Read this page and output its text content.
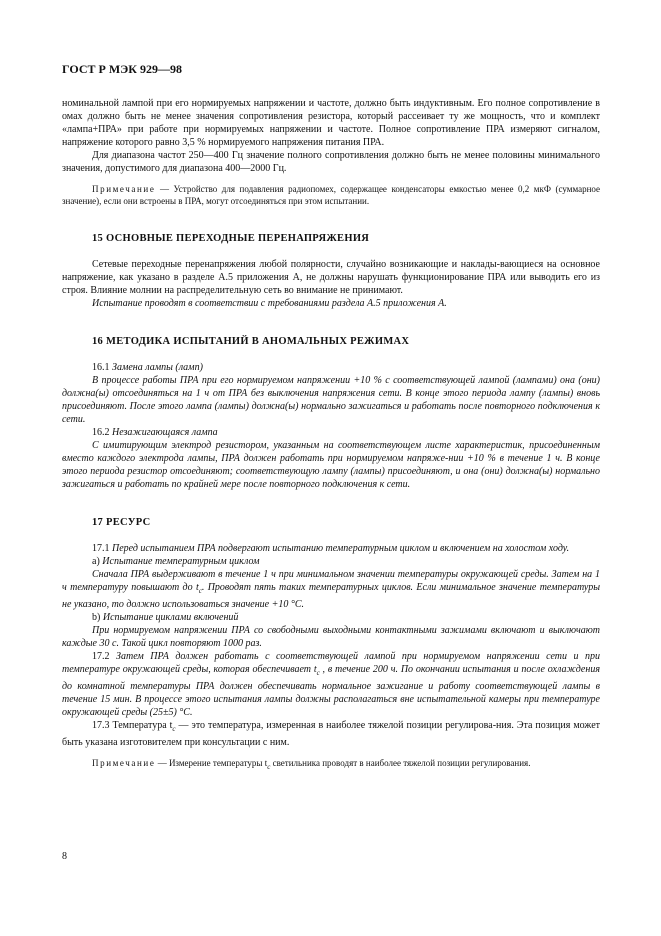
ГОСТ Р МЭК 929—98

номинальной лампой при его нормируемых напряжении и частоте, должно быть индуктивным. Его полное сопротивление в омах должно быть не менее значения сопротивления резистора, который рассеивает ту же мощность, что и комплект «лампа+ПРА» при работе при нормируемых напряжении и частоте. Полное сопротивление ПРА измеряют сигналом, напряжение которого равно 3,5 % нормируемого напряжения питания ПРА.

Для диапазона частот 250—400 Гц значение полного сопротивления должно быть не менее половины минимального значения, допустимого для диапазона 400—2000 Гц.

Примечание — Устройство для подавления радиопомех, содержащее конденсаторы емкостью менее 0,2 мкФ (суммарное значение), если они встроены в ПРА, могут отсоединяться при этом испытании.

15 ОСНОВНЫЕ ПЕРЕХОДНЫЕ ПЕРЕНАПРЯЖЕНИЯ

Сетевые переходные перенапряжения любой полярности, случайно возникающие и наклады-вающиеся на основное напряжение, как указано в разделе А.5 приложения А, не должны нарушать функционирование ПРА или выводить его из строя. Влияние молнии на распределительную сеть во внимание не принимают.

Испытание проводят в соответствии с требованиями раздела А.5 приложения А.

16 МЕТОДИКА ИСПЫТАНИЙ В АНОМАЛЬНЫХ РЕЖИМАХ

16.1 Замена лампы (ламп)

В процессе работы ПРА при его нормируемом напряжении +10 % с соответствующей лампой (лампами) она (они) должна(ы) отсоединяться на 1 ч от ПРА без выключения напряжения сети. В конце этого периода лампу (лампы) вновь присоединяют. После этого лампа (лампы) должна(ы) нормально зажигаться и работать после повторного подключения к сети.

16.2 Незажигающаяся лампа

С имитирующим электрод резистором, указанным на соответствующем листе характеристик, присоединенным вместо каждого электрода лампы, ПРА должен работать при нормируемом напряже-нии +10 % в течение 1 ч. В конце этого периода резистор отсоединяют; соответствующую лампу (лампы) присоединяют, и она (они) должна(ы) нормально зажигаться и работать по крайней мере после повторного подключения к сети.

17 РЕСУРС

17.1 Перед испытанием ПРА подвергают испытанию температурным циклом и включением на холостом ходу.

a) Испытание температурным циклом

Сначала ПРА выдерживают в течение 1 ч при минимальном значении температуры окружающей среды. Затем на 1 ч температуру повышают до $t_c$. Проводят пять таких температурных циклов. Если минимальное значение температуры не указано, то должно использоваться значение +10 °С.

b) Испытание циклами включений

При нормируемом напряжении ПРА со свободными выходными контактными зажимами включают и выключают каждые 30 с. Такой цикл повторяют 1000 раз.

17.2 Затем ПРА должен работать с соответствующей лампой при нормируемом напряжении сети и при температуре окружающей среды, которая обеспечивает $t_c$ , в течение 200 ч. По окончании испытания и после охлаждения до комнатной температуры ПРА должен обеспечивать нормальное зажигание и работу соответствующей лампы в течение 15 мин. В процессе этого испытания лампы должны располагаться вне испытательной камеры при температуре окружающей среды (25±5) °С.

17.3 Температура $t_c$ — это температура, измеренная в наиболее тяжелой позиции регулирова-ния. Эта позиция может быть указана изготовителем при консультации с ним.

Примечание — Измерение температуры $t_c$ светильника проводят в наиболее тяжелой позиции регулирования.

8
